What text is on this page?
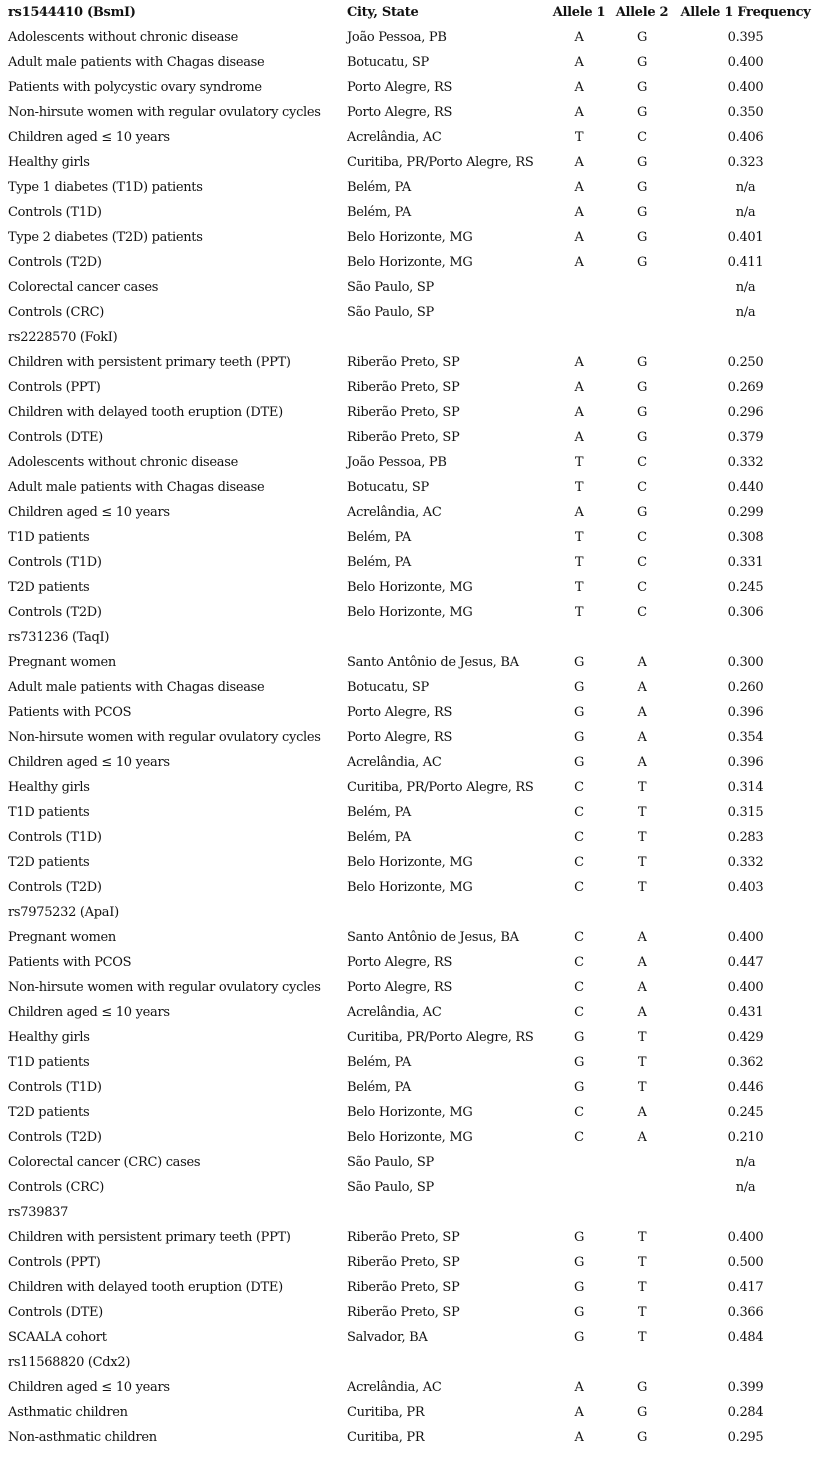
rs1544410 (BsmI)	City, State	Allele 1	Allele 2	Allele 1 Frequency
Adolescents without chronic disease	João Pessoa, PB	A	G	0.395
Adult male patients with Chagas disease	Botucatu, SP	A	G	0.400
Patients with polycystic ovary syndrome	Porto Alegre, RS	A	G	0.400
Non-hirsute women with regular ovulatory cycles	Porto Alegre, RS	A	G	0.350
Children aged ≤ 10 years	Acrelândia, AC	T	C	0.406
Healthy girls	Curitiba, PR/Porto Alegre, RS	A	G	0.323
Type 1 diabetes (T1D) patients	Belém, PA	A	G	n/a
Controls (T1D)	Belém, PA	A	G	n/a
Type 2 diabetes (T2D) patients	Belo Horizonte, MG	A	G	0.401
Controls (T2D)	Belo Horizonte, MG	A	G	0.411
Colorectal cancer cases	São Paulo, SP			n/a
Controls (CRC)	São Paulo, SP			n/a
rs2228570 (FokI)				
Children with persistent primary teeth (PPT)	Riberão Preto, SP	A	G	0.250
Controls (PPT)	Riberão Preto, SP	A	G	0.269
Children with delayed tooth eruption (DTE)	Riberão Preto, SP	A	G	0.296
Controls (DTE)	Riberão Preto, SP	A	G	0.379
Adolescents without chronic disease	João Pessoa, PB	T	C	0.332
Adult male patients with Chagas disease	Botucatu, SP	T	C	0.440
Children aged ≤ 10 years	Acrelândia, AC	A	G	0.299
T1D patients	Belém, PA	T	C	0.308
Controls (T1D)	Belém, PA	T	C	0.331
T2D patients	Belo Horizonte, MG	T	C	0.245
Controls (T2D)	Belo Horizonte, MG	T	C	0.306
rs731236 (TaqI)				
Pregnant women	Santo Antônio de Jesus, BA	G	A	0.300
Adult male patients with Chagas disease	Botucatu, SP	G	A	0.260
Patients with PCOS	Porto Alegre, RS	G	A	0.396
Non-hirsute women with regular ovulatory cycles	Porto Alegre, RS	G	A	0.354
Children aged ≤ 10 years	Acrelândia, AC	G	A	0.396
Healthy girls	Curitiba, PR/Porto Alegre, RS	C	T	0.314
T1D patients	Belém, PA	C	T	0.315
Controls (T1D)	Belém, PA	C	T	0.283
T2D patients	Belo Horizonte, MG	C	T	0.332
Controls (T2D)	Belo Horizonte, MG	C	T	0.403
rs7975232 (ApaI)				
Pregnant women	Santo Antônio de Jesus, BA	C	A	0.400
Patients with PCOS	Porto Alegre, RS	C	A	0.447
Non-hirsute women with regular ovulatory cycles	Porto Alegre, RS	C	A	0.400
Children aged ≤ 10 years	Acrelândia, AC	C	A	0.431
Healthy girls	Curitiba, PR/Porto Alegre, RS	G	T	0.429
T1D patients	Belém, PA	G	T	0.362
Controls (T1D)	Belém, PA	G	T	0.446
T2D patients	Belo Horizonte, MG	C	A	0.245
Controls (T2D)	Belo Horizonte, MG	C	A	0.210
Colorectal cancer (CRC) cases	São Paulo, SP			n/a
Controls (CRC)	São Paulo, SP			n/a
rs739837				
Children with persistent primary teeth (PPT)	Riberão Preto, SP	G	T	0.400
Controls (PPT)	Riberão Preto, SP	G	T	0.500
Children with delayed tooth eruption (DTE)	Riberão Preto, SP	G	T	0.417
Controls (DTE)	Riberão Preto, SP	G	T	0.366
SCAALA cohort	Salvador, BA	G	T	0.484
rs11568820 (Cdx2)				
Children aged ≤ 10 years	Acrelândia, AC	A	G	0.399
Asthmatic children	Curitiba, PR	A	G	0.284
Non-asthmatic children	Curitiba, PR	A	G	0.295
